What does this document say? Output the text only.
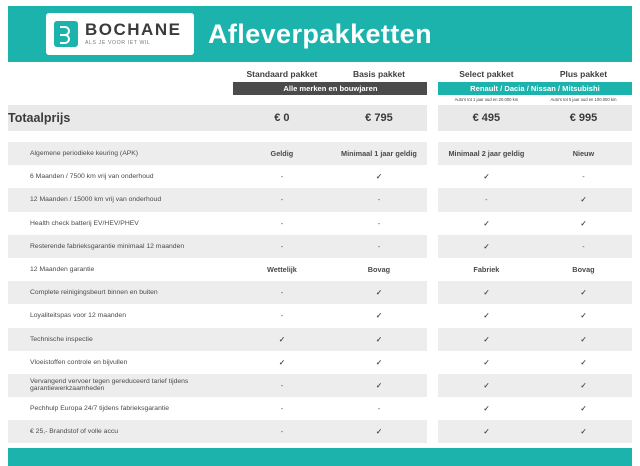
BOCHANE
ALS JE VOOR IET WIL	Afleverpakketten
	Standaard pakket	Basis pakket		Select pakket	Plus pakket
	Alle merken en bouwjaren			Renault / Dacia / Nissan / Mitsubishi	
				Auto's tot 1 jaar oud en 20.000 km	Auto's tot 5 jaar oud en 100.000 km
Totaalprijs	€ 0	€ 795		€ 495	€ 995

Algemene periodieke keuring (APK)	Geldig	Minimaal 1 jaar geldig		Minimaal 2 jaar geldig	Nieuw
6 Maanden / 7500 km vrij van onderhoud	-	✓		✓	-
12 Maanden / 15000 km vrij van onderhoud	-	-		-	✓
Health check batterij EV/HEV/PHEV	-	-		✓	✓
Resterende fabrieksgarantie minimaal 12 maanden	-	-		✓	-
12 Maanden garantie	Wettelijk	Bovag		Fabriek	Bovag
Complete reinigingsbeurt binnen en buiten	-	✓		✓	✓
Loyaliteitspas voor 12 maanden	-	✓		✓	✓
Technische inspectie	✓	✓		✓	✓
Vloeistoffen controle en bijvullen	✓	✓		✓	✓
Vervangend vervoer tegen gereduceerd tarief tijdens garantiewerkzaamheden	-	✓		✓	✓
Pechhulp Europa 24/7 tijdens fabrieksgarantie	-	-		✓	✓
€ 25,- Brandstof of volle accu	-	✓		✓	✓
